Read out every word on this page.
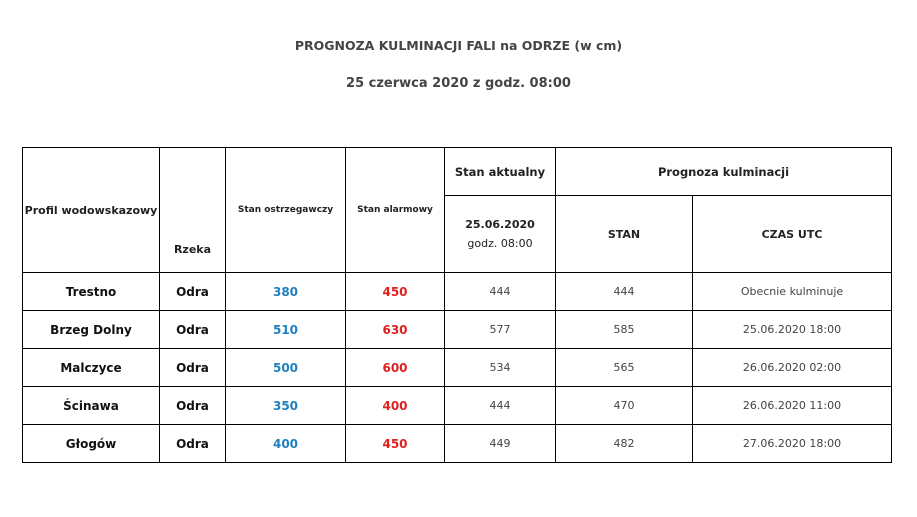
PROGNOZA KULMINACJI FALI na ODRZE (w cm)
25 czerwca 2020 z godz. 08:00
Profil wodowskazowy	Rzeka	Stan ostrzegawczy	Stan alarmowy	Stan aktualny	Prognoza kulminacji	
				25.06.2020 godz. 08:00	STAN	CZAS UTC
Trestno	Odra	380	450	444	444	Obecnie kulminuje
Brzeg Dolny	Odra	510	630	577	585	25.06.2020 18:00
Malczyce	Odra	500	600	534	565	26.06.2020 02:00
Ścinawa	Odra	350	400	444	470	26.06.2020 11:00
Głogów	Odra	400	450	449	482	27.06.2020 18:00
